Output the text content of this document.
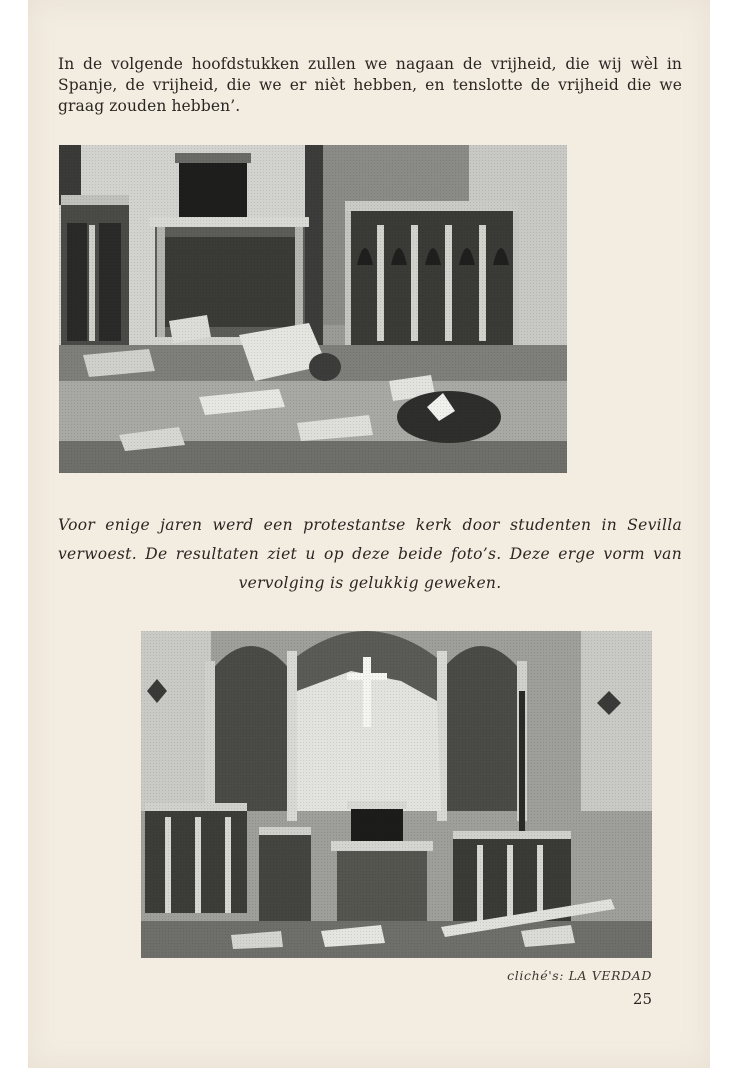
In de volgende hoofdstukken zullen we nagaan de vrijheid, die wij wèl in Spanje, de vrijheid, die we er nièt hebben, en tenslotte de vrijheid die we graag zouden hebben’.

Voor enige jaren werd een protestantse kerk door studenten in Sevilla verwoest. De resultaten ziet u op deze beide foto’s. Deze erge vorm van vervolging is gelukkig geweken.

cliché's: LA VERDAD

25
